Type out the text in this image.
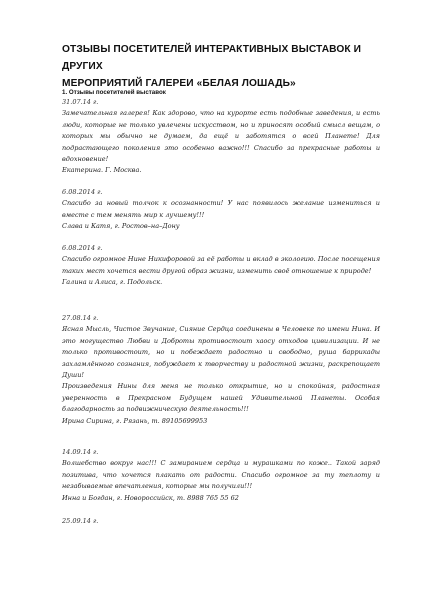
ОТЗЫВЫ ПОСЕТИТЕЛЕЙ ИНТЕРАКТИВНЫХ ВЫСТАВОК И ДРУГИХ
МЕРОПРИЯТИЙ ГАЛЕРЕИ «БЕЛАЯ ЛОШАДЬ»
1. Отзывы посетителей выставок

31.07.14 г.

Замечательная галерея! Как здорово, что на курорте есть подобные заведения, и есть люди, которые не только увлечены искусством, но и приносят особый смысл вещам, о которых мы обычно не думаем, да ещё и заботятся о всей Планете! Для подрастающего поколения это особенно важно!!! Спасибо за прекрасные работы и вдохновение!

Екатерина. Г. Москва.

6.08.2014 г.

Спасибо за новый толчок к осознанности! У нас появилось желание измениться и вместе с тем менять мир к лучшему!!!

Слава и Катя, г. Ростов–на–Дону

6.08.2014 г.

Спасибо огромное Нине Никифоровой за её работы и вклад в экологию. После посещения таких мест хочется вести другой образ жизни, изменить своё отношение к природе!

Галина и Алиса, г. Подольск.

27.08.14 г.

Ясная Мысль, Чистое Звучание, Сияние Сердца соединены в Человеке по имени Нина. И это могущество Любви и Доброты противостоит хаосу отходов цивилизации. И не только противостоит, но и побеждает радостно и свободно, руша баррикады захламлённого сознания, побуждает к творчеству и радостной жизни, раскрепощает Души!

Произведения Нины для меня не только открытие, но и спокойная, радостная уверенность в Прекрасном Будущем нашей Удивительной Планеты. Особая благодарность за подвижническую деятельность!!!

Ирина Сирина, г. Рязань, т. 89105699953

14.09.14 г.

Волшебство вокруг нас!!! С замиранием сердца и мурашками по коже.. Такой заряд позитива, что хочется плакать от радости. Спасибо огромное за ту теплоту и незабываемые впечатления, которые мы получили!!!

Инна и Богдан, г. Новороссийск, т. 8988 765 55 62

25.09.14 г.
